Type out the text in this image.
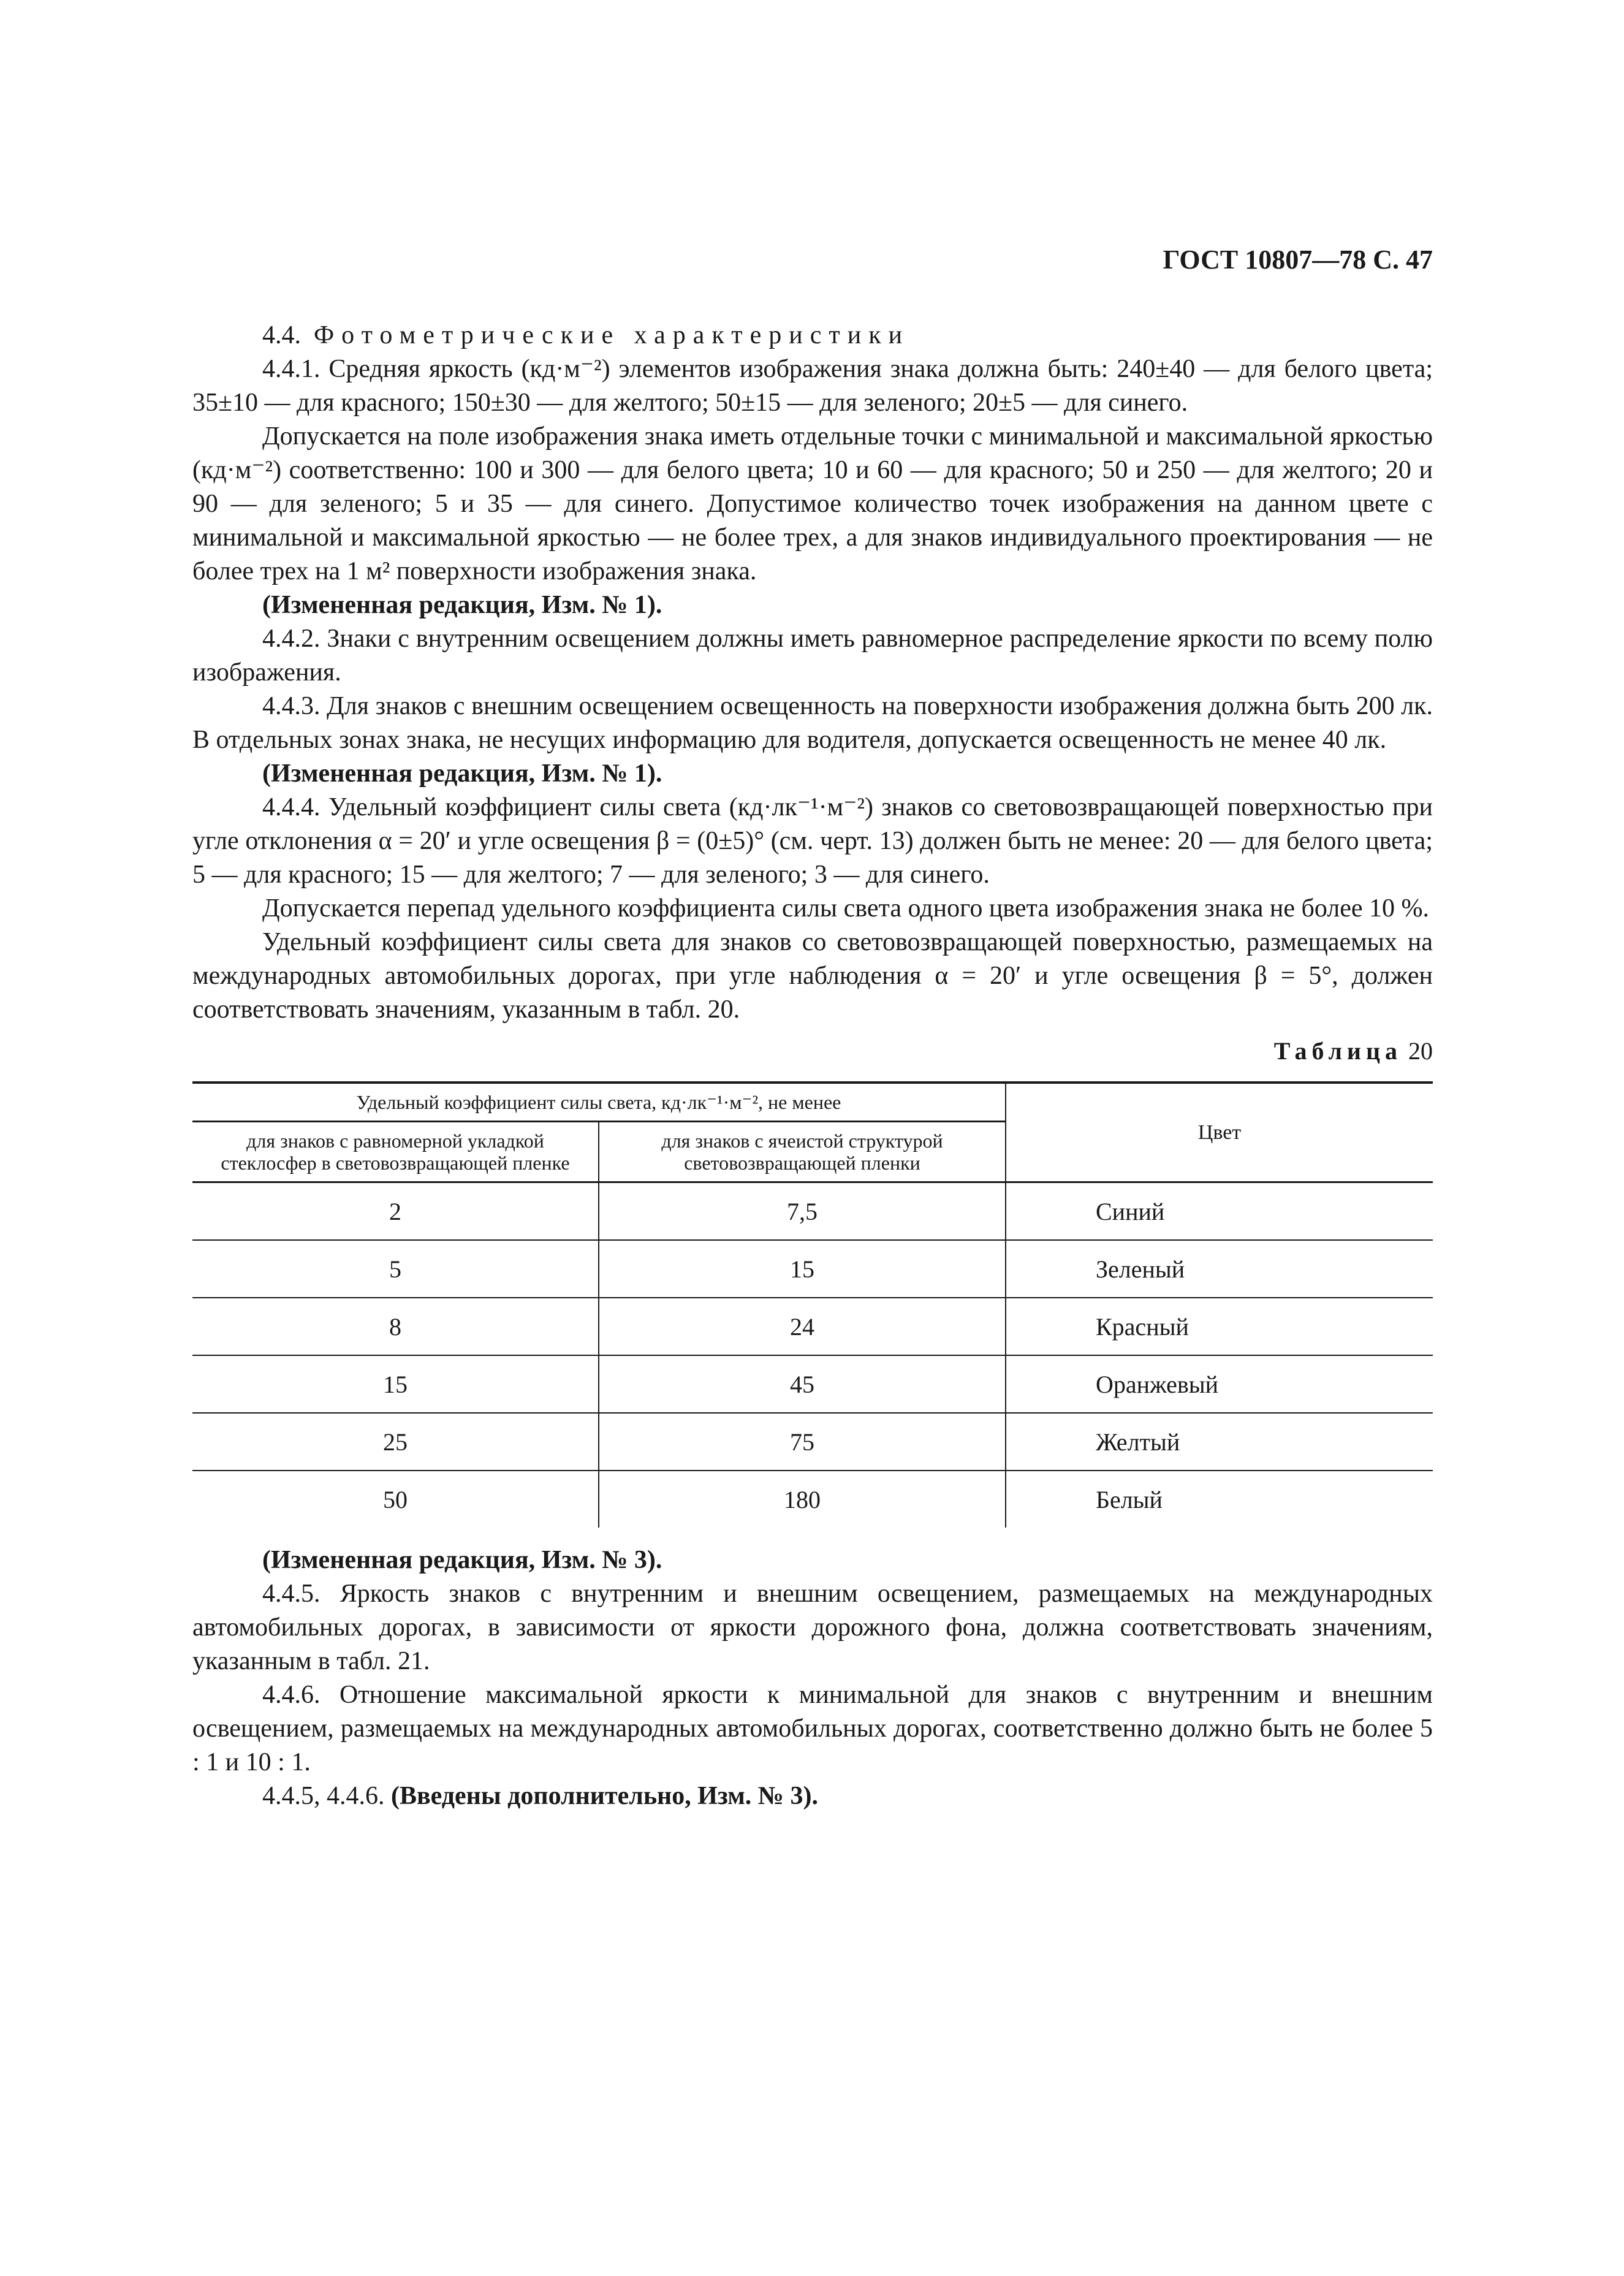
ГОСТ 10807—78 С. 47

4.4. Фотометрические характеристики

4.4.1. Средняя яркость (кд·м⁻²) элементов изображения знака должна быть: 240±40 — для белого цвета; 35±10 — для красного; 150±30 — для желтого; 50±15 — для зеленого; 20±5 — для синего.

Допускается на поле изображения знака иметь отдельные точки с минимальной и максимальной яркостью (кд·м⁻²) соответственно: 100 и 300 — для белого цвета; 10 и 60 — для красного; 50 и 250 — для желтого; 20 и 90 — для зеленого; 5 и 35 — для синего. Допустимое количество точек изображения на данном цвете с минимальной и максимальной яркостью — не более трех, а для знаков индивидуального проектирования — не более трех на 1 м² поверхности изображения знака.

(Измененная редакция, Изм. № 1).

4.4.2. Знаки с внутренним освещением должны иметь равномерное распределение яркости по всему полю изображения.

4.4.3. Для знаков с внешним освещением освещенность на поверхности изображения должна быть 200 лк. В отдельных зонах знака, не несущих информацию для водителя, допускается освещенность не менее 40 лк.

(Измененная редакция, Изм. № 1).

4.4.4. Удельный коэффициент силы света (кд·лк⁻¹·м⁻²) знаков со световозвращающей поверхностью при угле отклонения α = 20′ и угле освещения β = (0±5)° (см. черт. 13) должен быть не менее: 20 — для белого цвета; 5 — для красного; 15 — для желтого; 7 — для зеленого; 3 — для синего.

Допускается перепад удельного коэффициента силы света одного цвета изображения знака не более 10 %.

Удельный коэффициент силы света для знаков со световозвращающей поверхностью, размещаемых на международных автомобильных дорогах, при угле наблюдения α = 20′ и угле освещения β = 5°, должен соответствовать значениям, указанным в табл. 20.

Таблица 20
Удельный коэффициент силы света, кд·лк⁻¹·м⁻², не менее		Цвет
для знаков с равномерной укладкой стеклосфер в световозвращающей пленке	для знаков с ячеистой структурой световозвращающей пленки	
2	7,5	Синий
5	15	Зеленый
8	24	Красный
15	45	Оранжевый
25	75	Желтый
50	180	Белый

(Измененная редакция, Изм. № 3).

4.4.5. Яркость знаков с внутренним и внешним освещением, размещаемых на международных автомобильных дорогах, в зависимости от яркости дорожного фона, должна соответствовать значениям, указанным в табл. 21.

4.4.6. Отношение максимальной яркости к минимальной для знаков с внутренним и внешним освещением, размещаемых на международных автомобильных дорогах, соответственно должно быть не более 5 : 1 и 10 : 1.

4.4.5, 4.4.6. (Введены дополнительно, Изм. № 3).
